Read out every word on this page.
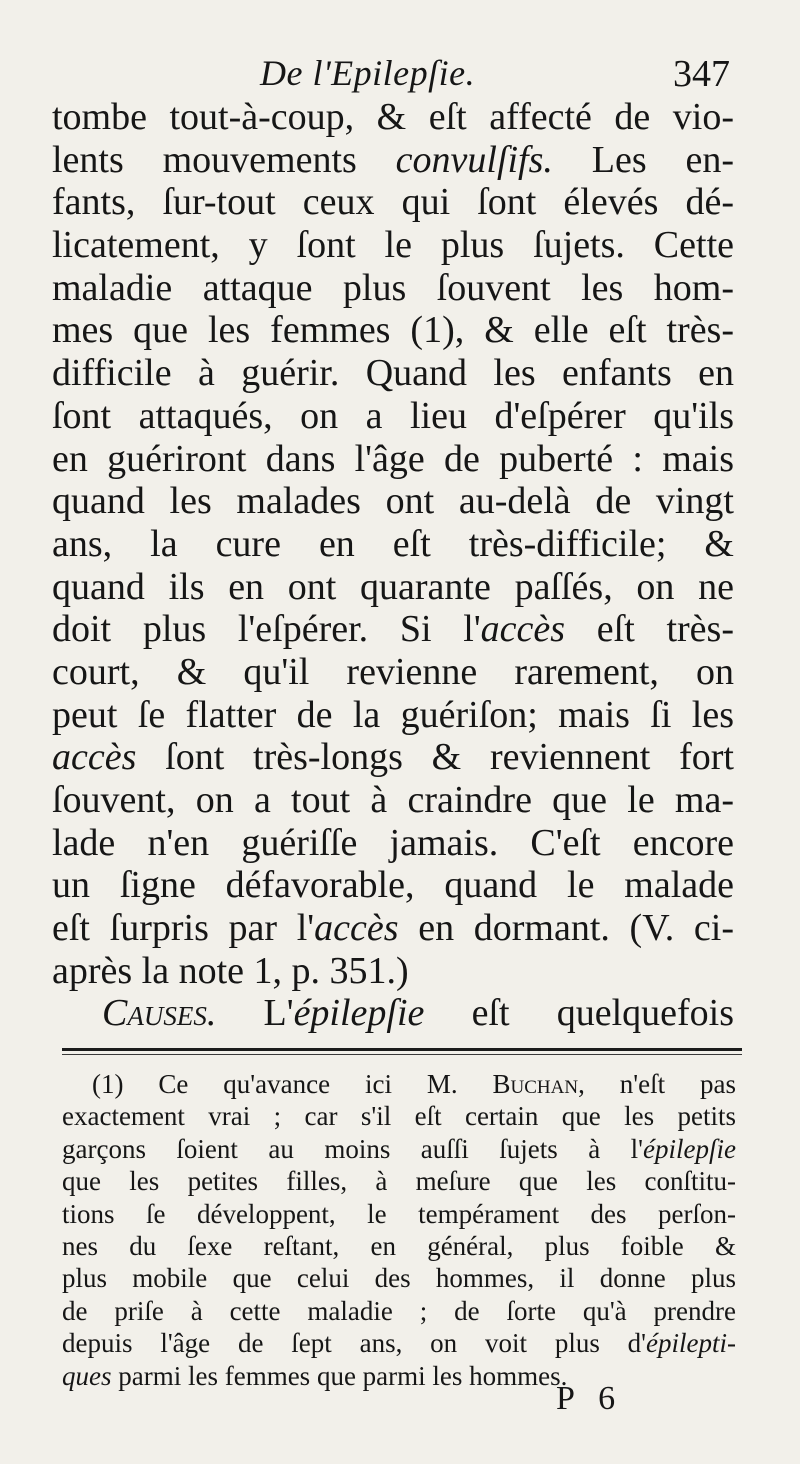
De l'Epilepſie.	347
tombe tout-à-coup, & eſt affecté de vio-
lents mouvements convulſifs. Les en-
fants, ſur-tout ceux qui ſont élevés dé-
licatement, y ſont le plus ſujets. Cette
maladie attaque plus ſouvent les hom-
mes que les femmes (1), & elle eſt très-
difficile à guérir. Quand les enfants en
ſont attaqués, on a lieu d'eſpérer qu'ils
en guériront dans l'âge de puberté : mais
quand les malades ont au-delà de vingt
ans, la cure en eſt très-difficile; &
quand ils en ont quarante paſſés, on ne
doit plus l'eſpérer. Si l'accès eſt très-
court, & qu'il revienne rarement, on
peut ſe flatter de la guériſon; mais ſi les
accès ſont très-longs & reviennent fort
ſouvent, on a tout à craindre que le ma-
lade n'en guériſſe jamais. C'eſt encore
un ſigne défavorable, quand le malade
eſt ſurpris par l'accès en dormant. (V. ci-
après la note 1, p. 351.)
Causes. L'épilepſie eſt quelquefois
(1) Ce qu'avance ici M. Buchan, n'eſt pas
exactement vrai ; car s'il eſt certain que les petits
garçons ſoient au moins auſſi ſujets à l'épilepſie
que les petites filles, à meſure que les conſtitu-
tions ſe développent, le tempérament des perſon-
nes du ſexe reſtant, en général, plus foible &
plus mobile que celui des hommes, il donne plus
de priſe à cette maladie ; de ſorte qu'à prendre
depuis l'âge de ſept ans, on voit plus d'épilepti-
ques parmi les femmes que parmi les hommes.
P 6
